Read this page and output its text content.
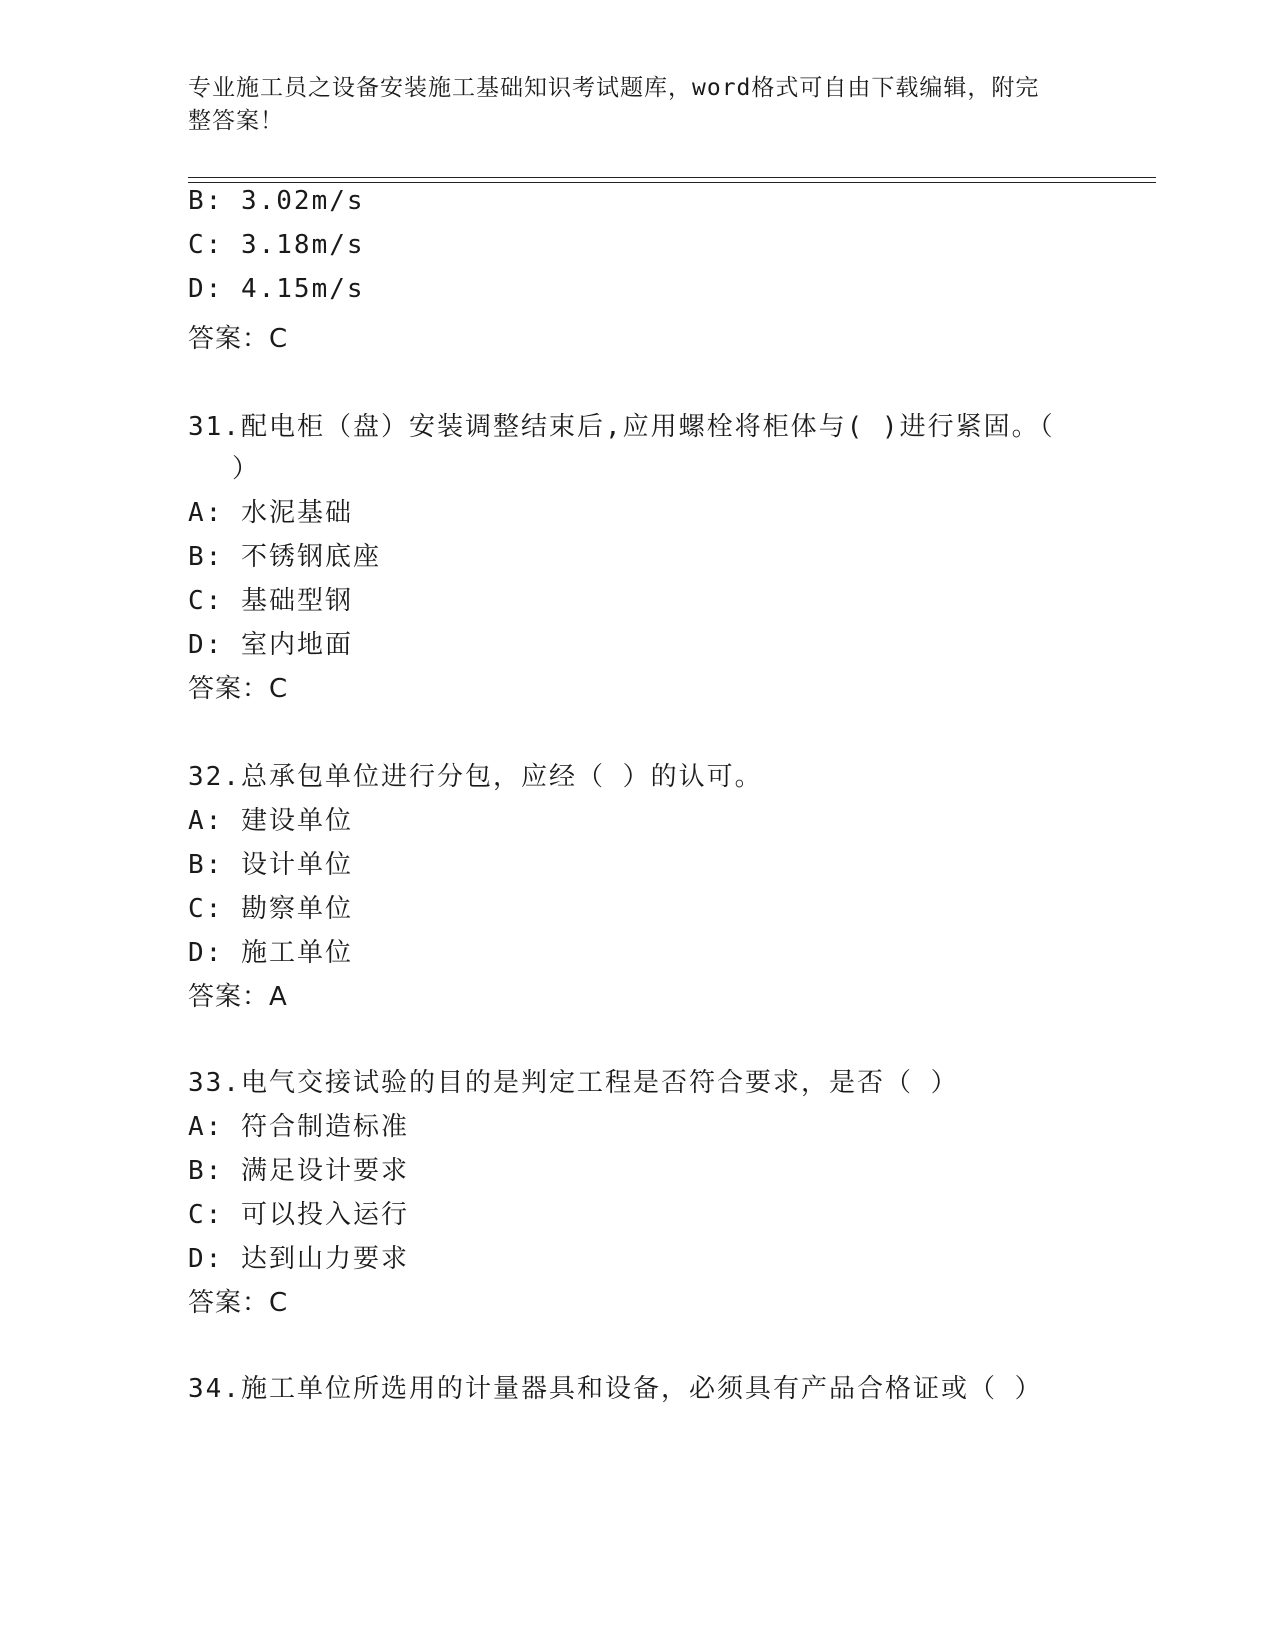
专业施工员之设备安装施工基础知识考试题库，word格式可自由下载编辑，附完
整答案！
B: 3.02m/s
C: 3.18m/s
D: 4.15m/s
答案：C
31.配电柜（盘）安装调整结束后,应用螺栓将柜体与( )进行紧固。（
）
A: 水泥基础
B: 不锈钢底座
C: 基础型钢
D: 室内地面
答案：C
32.总承包单位进行分包，应经（ ）的认可。
A: 建设单位
B: 设计单位
C: 勘察单位
D: 施工单位
答案：A
33.电气交接试验的目的是判定工程是否符合要求，是否（ ）
A: 符合制造标准
B: 满足设计要求
C: 可以投入运行
D: 达到山力要求
答案：C
34.施工单位所选用的计量器具和设备，必须具有产品合格证或（ ）
